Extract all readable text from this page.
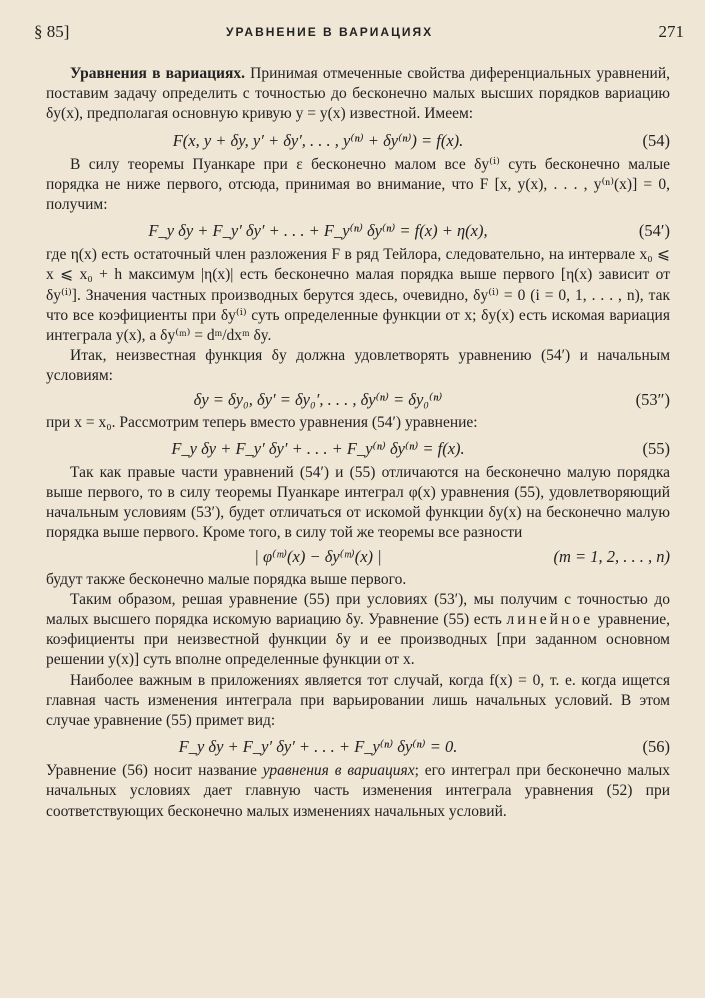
§ 85]	УРАВНЕНИЕ В ВАРИАЦИЯХ	271

Уравнения в вариациях. Принимая отмеченные свойства диференциальных уравнений, поставим задачу определить с точностью до бесконечно малых высших порядков вариацию δy(x), предполагая основную кривую y = y(x) известной. Имеем:

F(x, y + δy, y′ + δy′, . . . , y⁽ⁿ⁾ + δy⁽ⁿ⁾) = f(x).	(54)

В силу теоремы Пуанкаре при ε бесконечно малом все δy⁽ⁱ⁾ суть бесконечно малые порядка не ниже первого, отсюда, принимая во внимание, что F [x, y(x), . . . , y⁽ⁿ⁾(x)] = 0, получим:

F_y δy + F_y′ δy′ + . . . + F_y⁽ⁿ⁾ δy⁽ⁿ⁾ = f(x) + η(x),	(54′)

где η(x) есть остаточный член разложения F в ряд Тейлора, следовательно, на интервале x₀ ⩽ x ⩽ x₀ + h максимум |η(x)| есть бесконечно малая порядка выше первого [η(x) зависит от δy⁽ⁱ⁾]. Значения частных производных берутся здесь, очевидно, δy⁽ⁱ⁾ = 0 (i = 0, 1, . . . , n), так что все коэфициенты при δy⁽ⁱ⁾ суть определенные функции от x; δy(x) есть искомая вариация интеграла y(x), а δy⁽ᵐ⁾ = dᵐ/dxᵐ δy.

Итак, неизвестная функция δy должна удовлетворять уравнению (54′) и начальным условиям:

δy = δy₀, δy′ = δy₀′, . . . , δy⁽ⁿ⁾ = δy₀⁽ⁿ⁾	(53″)

при x = x₀. Рассмотрим теперь вместо уравнения (54′) уравнение:

F_y δy + F_y′ δy′ + . . . + F_y⁽ⁿ⁾ δy⁽ⁿ⁾ = f(x).	(55)

Так как правые части уравнений (54′) и (55) отличаются на бесконечно малую порядка выше первого, то в силу теоремы Пуанкаре интеграл φ(x) уравнения (55), удовлетворяющий начальным условиям (53′), будет отличаться от искомой функции δy(x) на бесконечно малую порядка выше первого. Кроме того, в силу той же теоремы все разности

| φ⁽ᵐ⁾(x) − δy⁽ᵐ⁾(x) |	(m = 1, 2, . . . , n)

будут также бесконечно малые порядка выше первого.

Таким образом, решая уравнение (55) при условиях (53′), мы получим с точностью до малых высшего порядка искомую вариацию δy. Уравнение (55) есть линейное уравнение, коэфициенты при неизвестной функции δy и ее производных [при заданном основном решении y(x)] суть вполне определенные функции от x.

Наиболее важным в приложениях является тот случай, когда f(x) = 0, т. е. когда ищется главная часть изменения интеграла при варьировании лишь начальных условий. В этом случае уравнение (55) примет вид:

F_y δy + F_y′ δy′ + . . . + F_y⁽ⁿ⁾ δy⁽ⁿ⁾ = 0.	(56)

Уравнение (56) носит название уравнения в вариациях; его интеграл при бесконечно малых начальных условиях дает главную часть изменения интеграла уравнения (52) при соответствующих бесконечно малых изменениях начальных условий.
